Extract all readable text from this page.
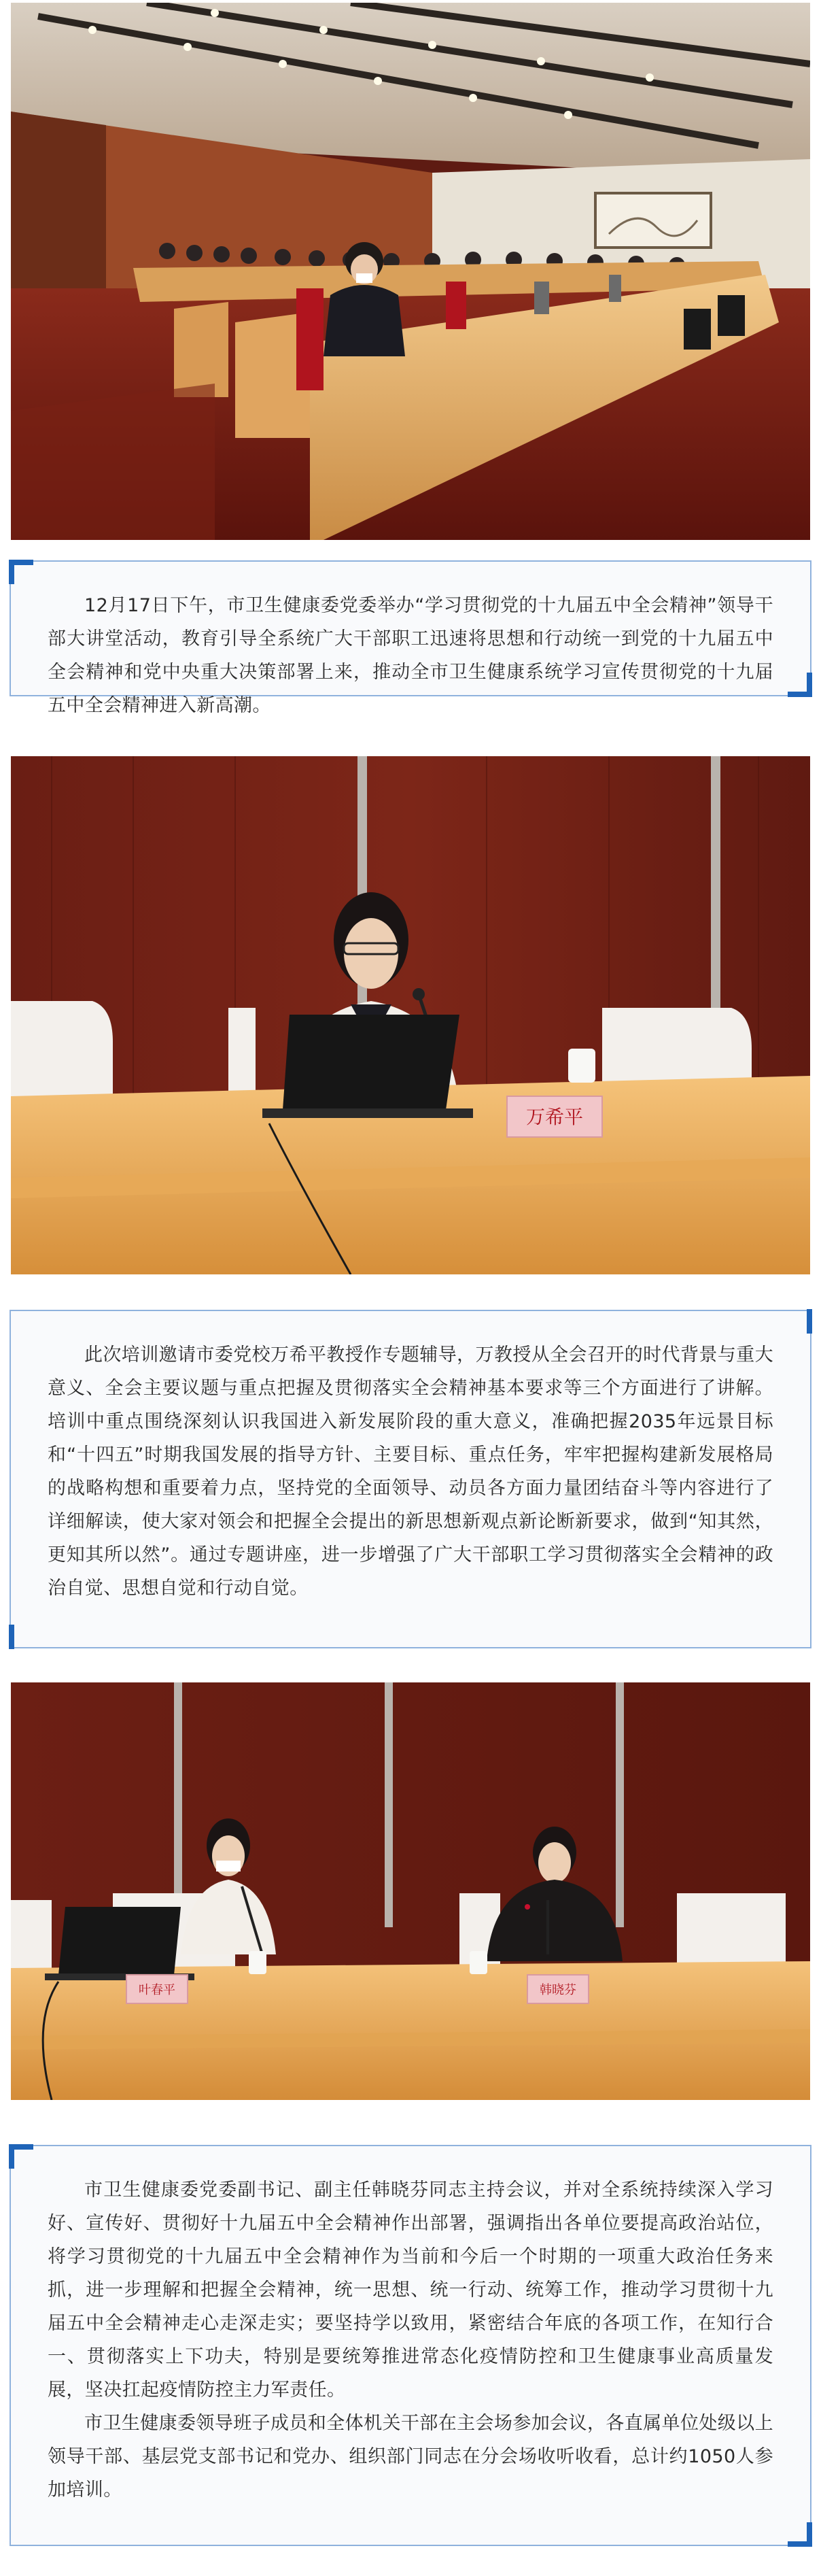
12月17日下午，市卫生健康委党委举办“学习贯彻党的十九届五中全会精神”领导干部大讲堂活动，教育引导全系统广大干部职工迅速将思想和行动统一到党的十九届五中全会精神和党中央重大决策部署上来，推动全市卫生健康系统学习宣传贯彻党的十九届五中全会精神进入新高潮。

万希平

此次培训邀请市委党校万希平教授作专题辅导，万教授从全会召开的时代背景与重大意义、全会主要议题与重点把握及贯彻落实全会精神基本要求等三个方面进行了讲解。培训中重点围绕深刻认识我国进入新发展阶段的重大意义，准确把握2035年远景目标和“十四五”时期我国发展的指导方针、主要目标、重点任务，牢牢把握构建新发展格局的战略构想和重要着力点，坚持党的全面领导、动员各方面力量团结奋斗等内容进行了详细解读，使大家对领会和把握全会提出的新思想新观点新论断新要求，做到“知其然，更知其所以然”。通过专题讲座，进一步增强了广大干部职工学习贯彻落实全会精神的政治自觉、思想自觉和行动自觉。

叶春平	韩晓芬

市卫生健康委党委副书记、副主任韩晓芬同志主持会议，并对全系统持续深入学习好、宣传好、贯彻好十九届五中全会精神作出部署，强调指出各单位要提高政治站位，将学习贯彻党的十九届五中全会精神作为当前和今后一个时期的一项重大政治任务来抓，进一步理解和把握全会精神，统一思想、统一行动、统筹工作，推动学习贯彻十九届五中全会精神走心走深走实；要坚持学以致用，紧密结合年底的各项工作，在知行合一、贯彻落实上下功夫，特别是要统筹推进常态化疫情防控和卫生健康事业高质量发展，坚决扛起疫情防控主力军责任。

市卫生健康委领导班子成员和全体机关干部在主会场参加会议，各直属单位处级以上领导干部、基层党支部书记和党办、组织部门同志在分会场收听收看，总计约1050人参加培训。
